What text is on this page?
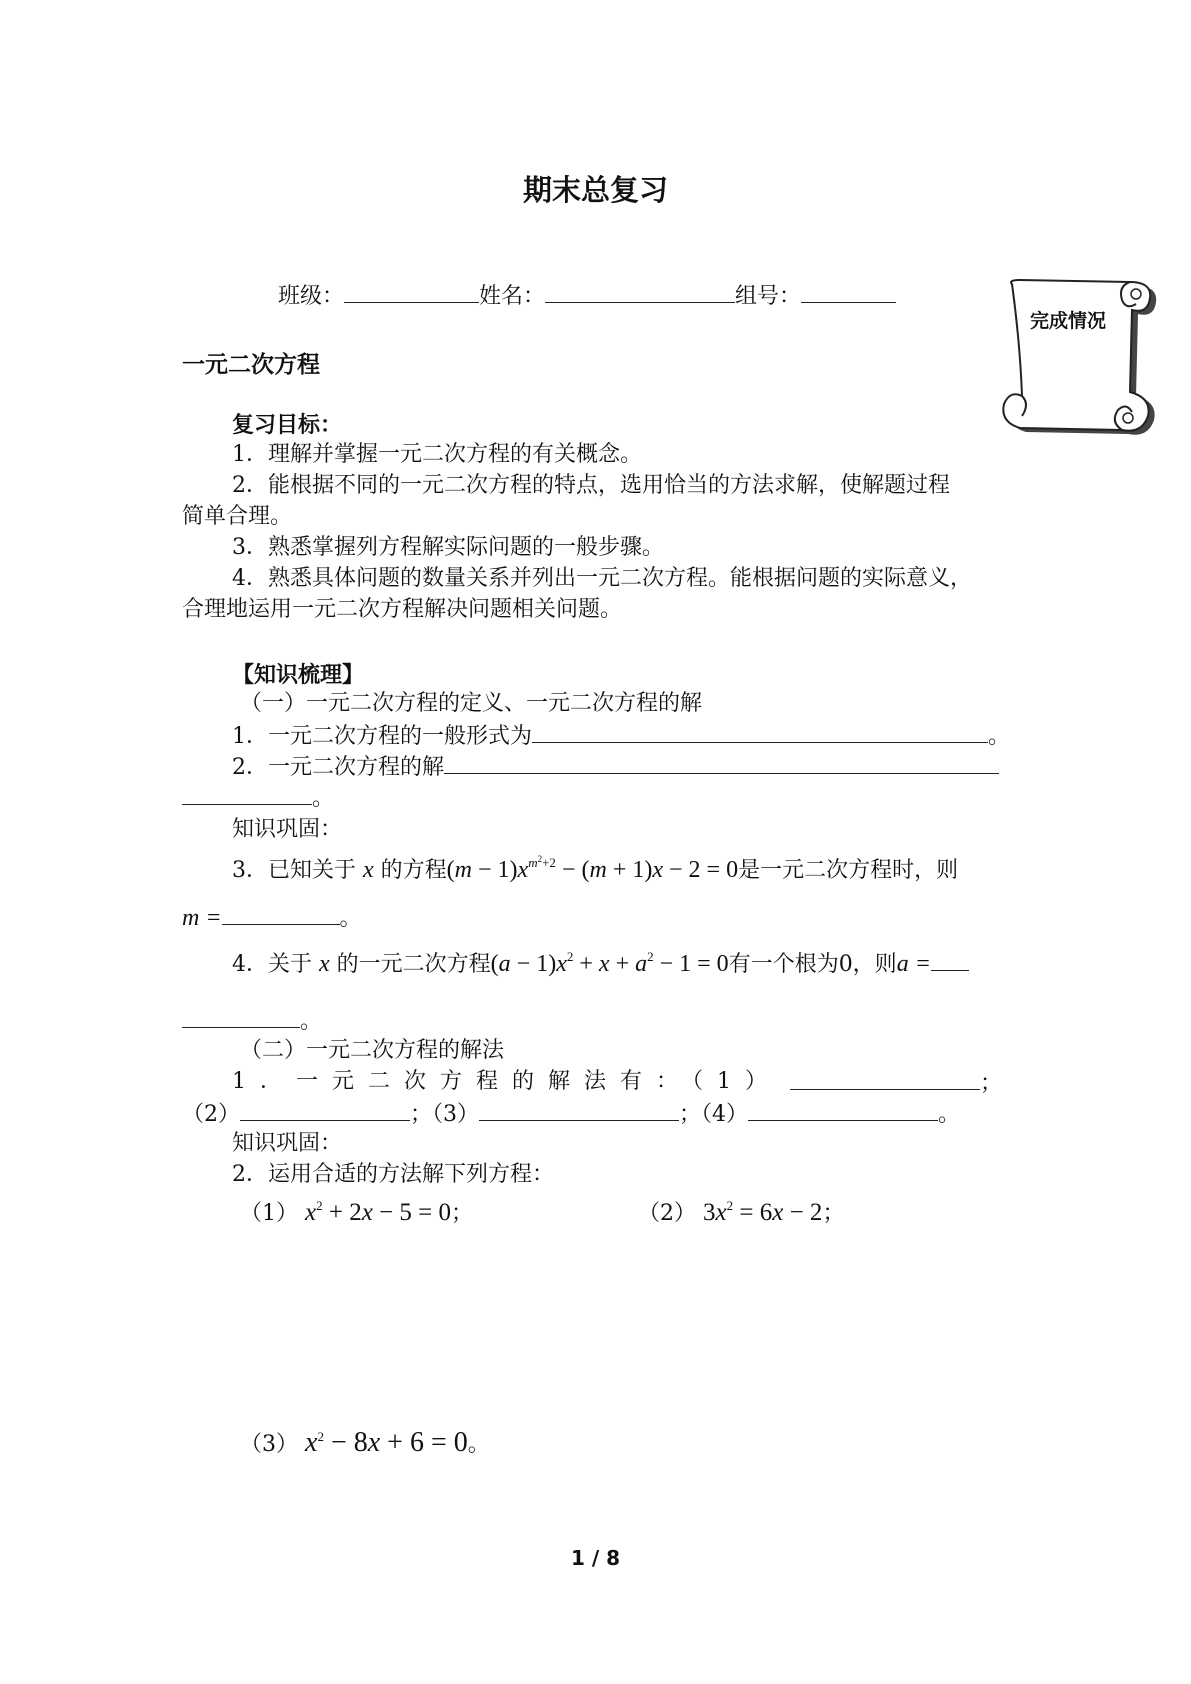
期末总复习
班级：	姓名：	组号：
完成情况
一元二次方程
复习目标：
1．理解并掌握一元二次方程的有关概念。
2．能根据不同的一元二次方程的特点，选用恰当的方法求解，使解题过程
简单合理。
3．熟悉掌握列方程解实际问题的一般步骤。
4．熟悉具体问题的数量关系并列出一元二次方程。能根据问题的实际意义，
合理地运用一元二次方程解决问题相关问题。
【知识梳理】
（一）一元二次方程的定义、一元二次方程的解
1．一元二次方程的一般形式为	。
2．一元二次方程的解
。
知识巩固：
3．已知关于 x 的方程$(m - 1)x^{m^2+2} - (m + 1)x - 2 = 0$是一元二次方程时，则
m =	。
4．关于 x 的一元二次方程$(a - 1)x^2 + x + a^2 - 1 = 0$有一个根为0，则a =
。
（二）一元二次方程的解法
1．一元二次方程的解法有：（1）	；
（2）	；（3）	；（4）	。
知识巩固：
2．运用合适的方法解下列方程：
（1） $x^2 + 2x - 5 = 0$；	（2） $3x^2 = 6x - 2$；
（3） $x^2 - 8x + 6 = 0$。
1 / 8
